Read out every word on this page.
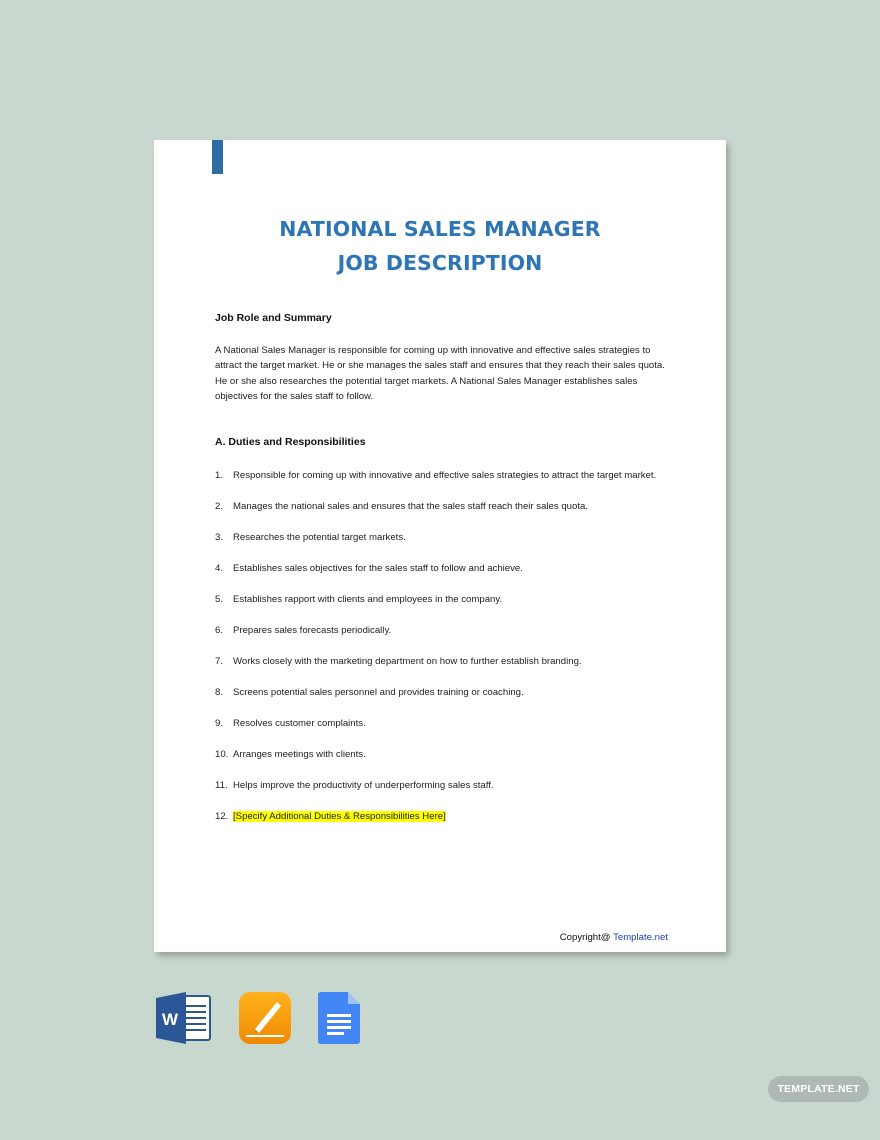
NATIONAL SALES MANAGER
JOB DESCRIPTION
Job Role and Summary
A National Sales Manager is responsible for coming up with innovative and effective sales strategies to attract the target market. He or she manages the sales staff and ensures that they reach their sales quota. He or she also researches the potential target markets. A National Sales Manager establishes sales objectives for the sales staff to follow.
A. Duties and Responsibilities
1. Responsible for coming up with innovative and effective sales strategies to attract the target market.
2. Manages the national sales and ensures that the sales staff reach their sales quota.
3. Researches the potential target markets.
4. Establishes sales objectives for the sales staff to follow and achieve.
5. Establishes rapport with clients and employees in the company.
6. Prepares sales forecasts periodically.
7. Works closely with the marketing department on how to further establish branding.
8. Screens potential sales personnel and provides training or coaching.
9. Resolves customer complaints.
10. Arranges meetings with clients.
11. Helps improve the productivity of underperforming sales staff.
12. [Specify Additional Duties & Responsibilities Here]
Copyright@ Template.net
W
TEMPLATE.NET
